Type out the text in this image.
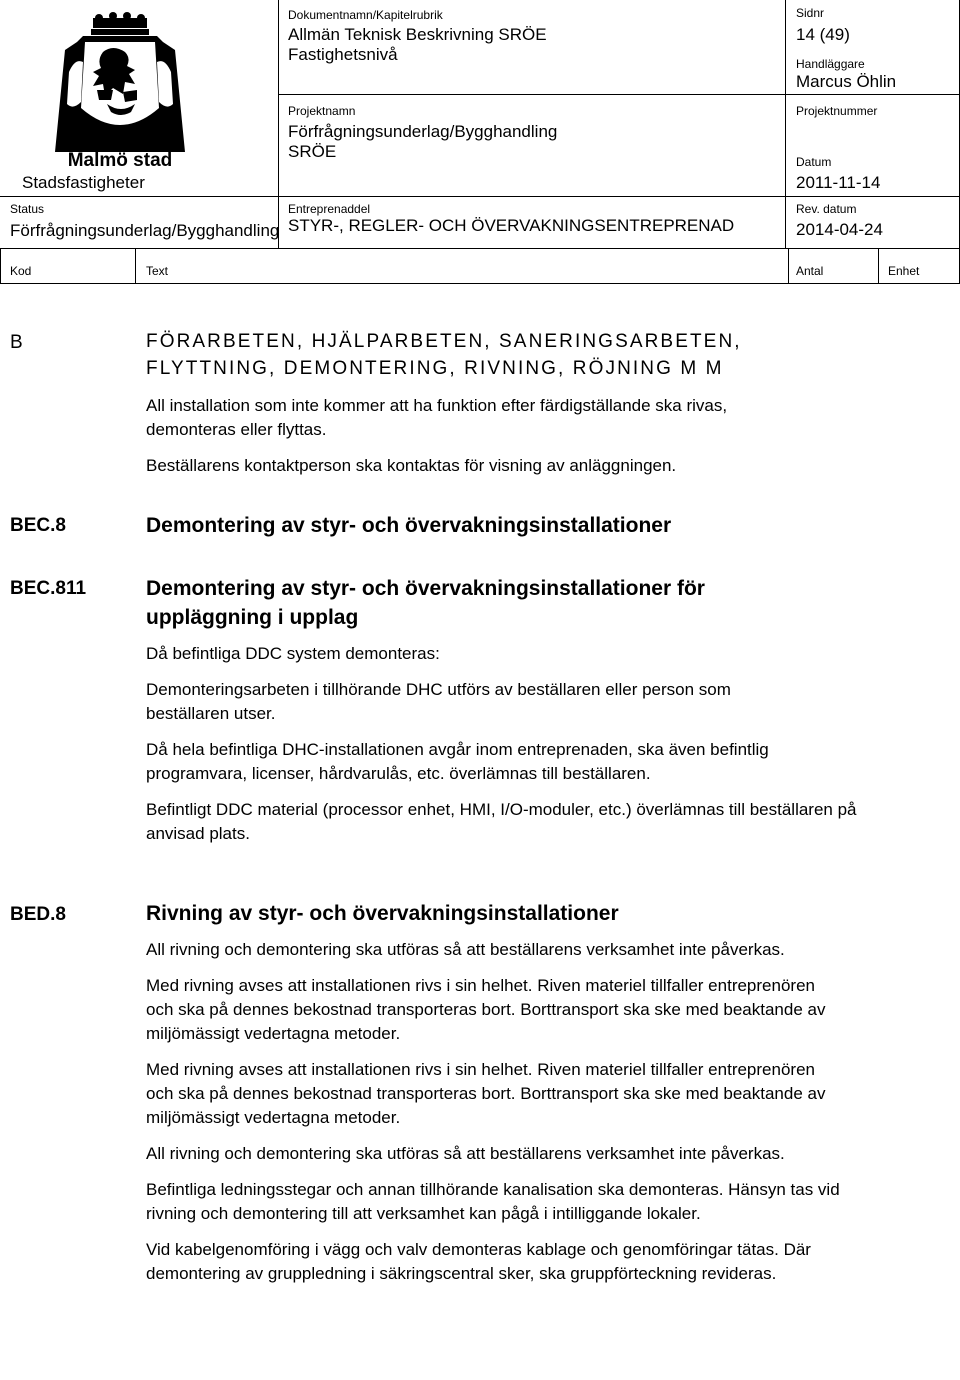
Malmö stad
Stadsfastigheter
Dokumentnamn/Kapitelrubrik
Allmän Teknisk Beskrivning SRÖE
Fastighetsnivå
Sidnr
14 (49)
Handläggare
Marcus Öhlin
Projektnamn
Förfrågningsunderlag/Bygghandling
SRÖE
Projektnummer
Datum
2011-11-14
Status
Förfrågningsunderlag/Bygghandling
Entreprenaddel
STYR-, REGLER- OCH ÖVERVAKNINGSENTREPRENAD
Rev. datum
2014-04-24
Kod	Text	Antal	Enhet
B	FÖRARBETEN, HJÄLPARBETEN, SANERINGSARBETEN,
FLYTTNING, DEMONTERING, RIVNING, RÖJNING M M
All installation som inte kommer att ha funktion efter färdigställande ska rivas, demonteras eller flyttas.
Beställarens kontaktperson ska kontaktas för visning av anläggningen.
BEC.8	Demontering av styr- och övervakningsinstallationer
BEC.811	Demontering av styr- och övervakningsinstallationer för uppläggning i upplag
Då befintliga DDC system demonteras:
Demonteringsarbeten i tillhörande DHC utförs av beställaren eller person som beställaren utser.
Då hela befintliga DHC-installationen avgår inom entreprenaden, ska även befintlig programvara, licenser, hårdvarulås, etc. överlämnas till beställaren.
Befintligt DDC material (processor enhet, HMI, I/O-moduler, etc.) överlämnas till beställaren på anvisad plats.
BED.8	Rivning av styr- och övervakningsinstallationer
All rivning och demontering ska utföras så att beställarens verksamhet inte påverkas.
Med rivning avses att installationen rivs i sin helhet. Riven materiel tillfaller entreprenören och ska på dennes bekostnad transporteras bort. Borttransport ska ske med beaktande av miljömässigt vedertagna metoder.
Med rivning avses att installationen rivs i sin helhet. Riven materiel tillfaller entreprenören och ska på dennes bekostnad transporteras bort. Borttransport ska ske med beaktande av miljömässigt vedertagna metoder.
All rivning och demontering ska utföras så att beställarens verksamhet inte påverkas.
Befintliga ledningsstegar och annan tillhörande kanalisation ska demonteras. Hänsyn tas vid rivning och demontering till att verksamhet kan pågå i intilliggande lokaler.
Vid kabelgenomföring i vägg och valv demonteras kablage och genomföringar tätas. Där demontering av gruppledning i säkringscentral sker, ska gruppförteckning revideras.
